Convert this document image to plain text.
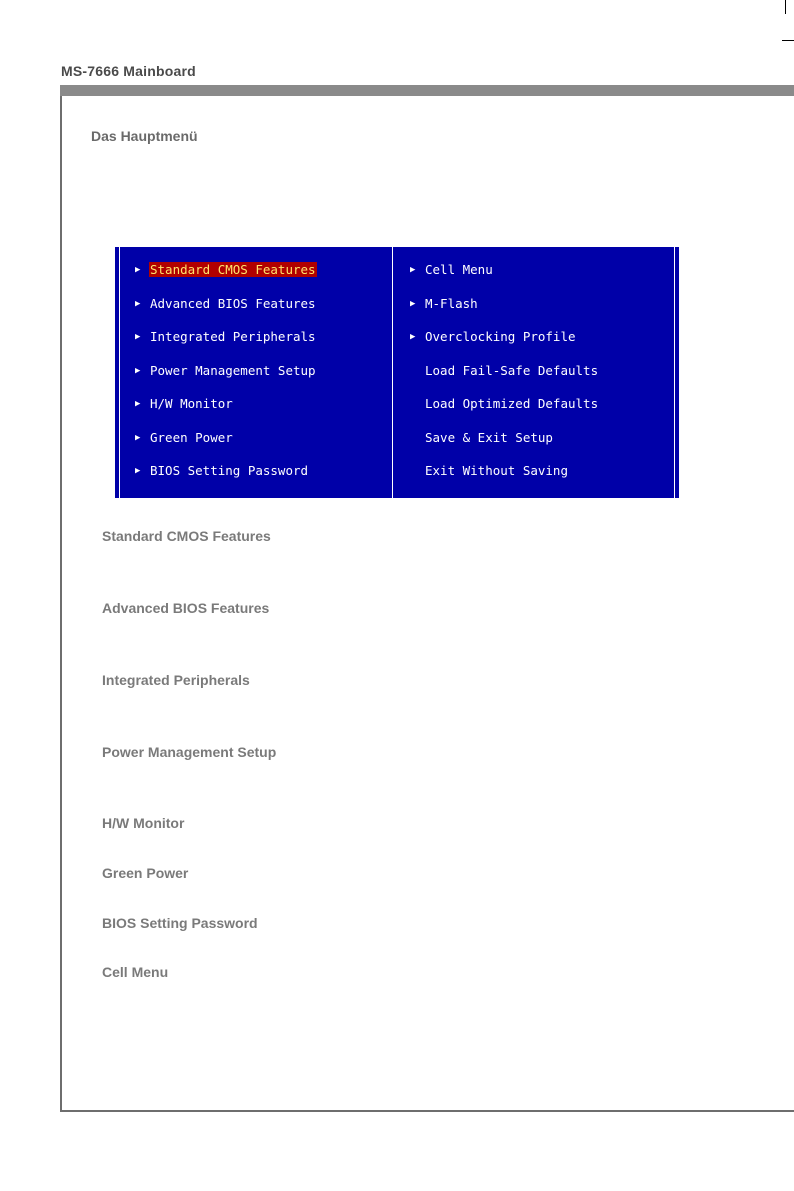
MS-7666 Mainboard
Das Hauptmenü
▶ Standard CMOS Features
▶ Advanced BIOS Features
▶ Integrated Peripherals
▶ Power Management Setup
▶ H/W Monitor
▶ Green Power
▶ BIOS Setting Password
▶ Cell Menu
▶ M-Flash
▶ Overclocking Profile
Load Fail-Safe Defaults
Load Optimized Defaults
Save & Exit Setup
Exit Without Saving
Standard CMOS Features
Advanced BIOS Features
Integrated Peripherals
Power Management Setup
H/W Monitor
Green Power
BIOS Setting Password
Cell Menu
